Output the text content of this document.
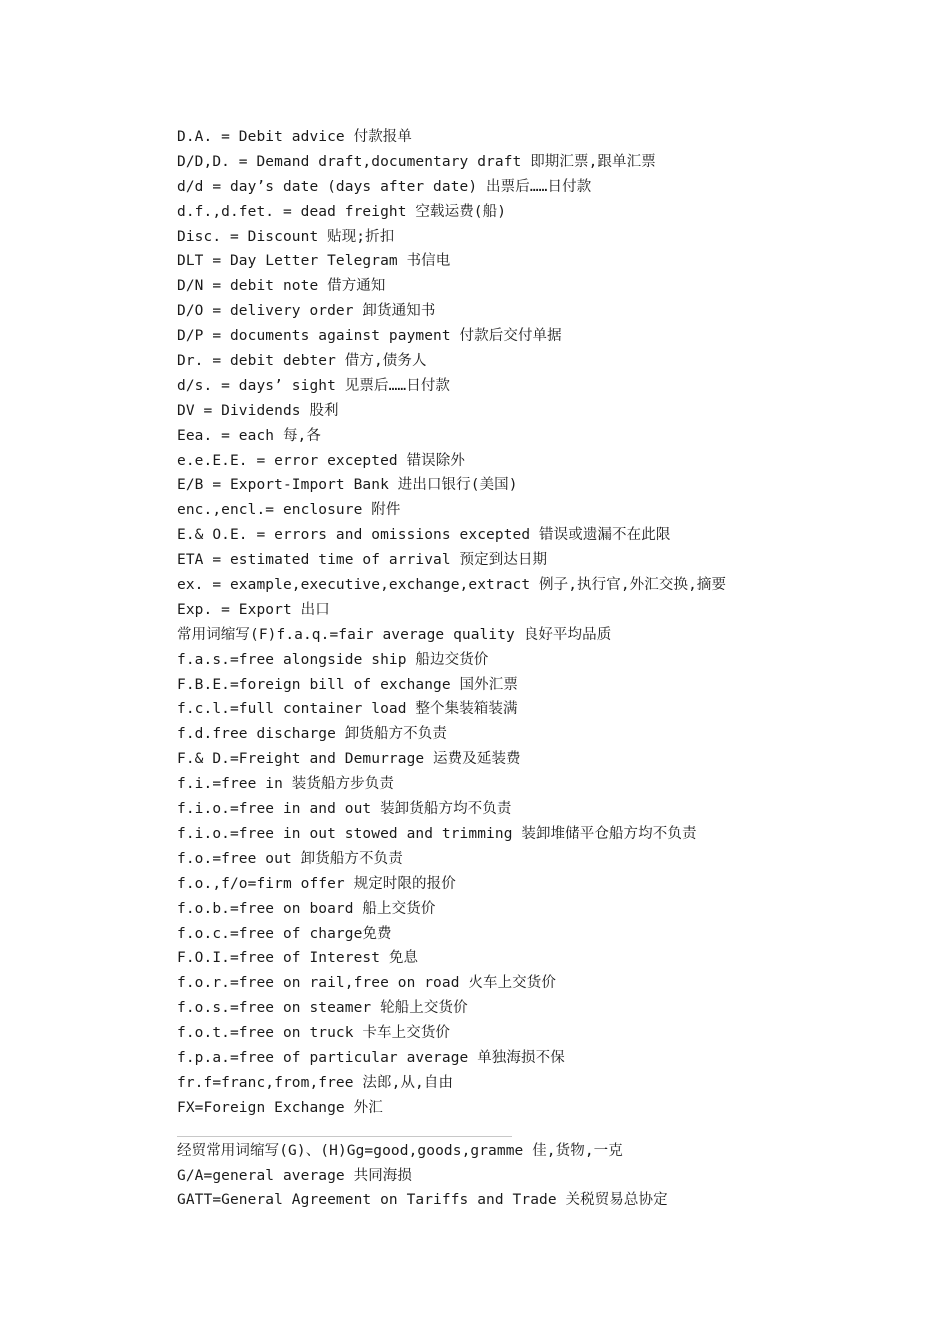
D.A. = Debit advice 付款报单
D/D,D. = Demand draft,documentary draft 即期汇票,跟单汇票
d/d = day’s date (days after date) 出票后……日付款
d.f.,d.fet. = dead freight 空载运费(船)
Disc. = Discount 贴现;折扣
DLT = Day Letter Telegram 书信电
D/N = debit note 借方通知
D/O = delivery order 卸货通知书
D/P = documents against payment 付款后交付单据
Dr. = debit debter 借方,债务人
d/s. = days’ sight 见票后……日付款
DV = Dividends 股利
Eea. = each 每,各
e.e.E.E. = error excepted 错误除外
E/B = Export-Import Bank 进出口银行(美国)
enc.,encl.= enclosure 附件
E.& O.E. = errors and omissions excepted 错误或遗漏不在此限
ETA = estimated time of arrival 预定到达日期
ex. = example,executive,exchange,extract 例子,执行官,外汇交换,摘要
Exp. = Export 出口
常用词缩写(F)f.a.q.=fair average quality 良好平均品质
f.a.s.=free alongside ship 船边交货价
F.B.E.=foreign bill of exchange 国外汇票
f.c.l.=full container load 整个集装箱装满
f.d.free discharge 卸货船方不负责
F.& D.=Freight and Demurrage 运费及延装费
f.i.=free in 装货船方步负责
f.i.o.=free in and out 装卸货船方均不负责
f.i.o.=free in out stowed and trimming 装卸堆储平仓船方均不负责
f.o.=free out 卸货船方不负责
f.o.,f/o=firm offer 规定时限的报价
f.o.b.=free on board 船上交货价
f.o.c.=free of charge免费
F.O.I.=free of Interest 免息
f.o.r.=free on rail,free on road 火车上交货价
f.o.s.=free on steamer 轮船上交货价
f.o.t.=free on truck 卡车上交货价
f.p.a.=free of particular average 单独海损不保
fr.f=franc,from,free 法郎,从,自由
FX=Foreign Exchange 外汇
经贸常用词缩写(G)、(H)Gg=good,goods,gramme 佳,货物,一克
G/A=general average 共同海损
GATT=General Agreement on Tariffs and Trade 关税贸易总协定
